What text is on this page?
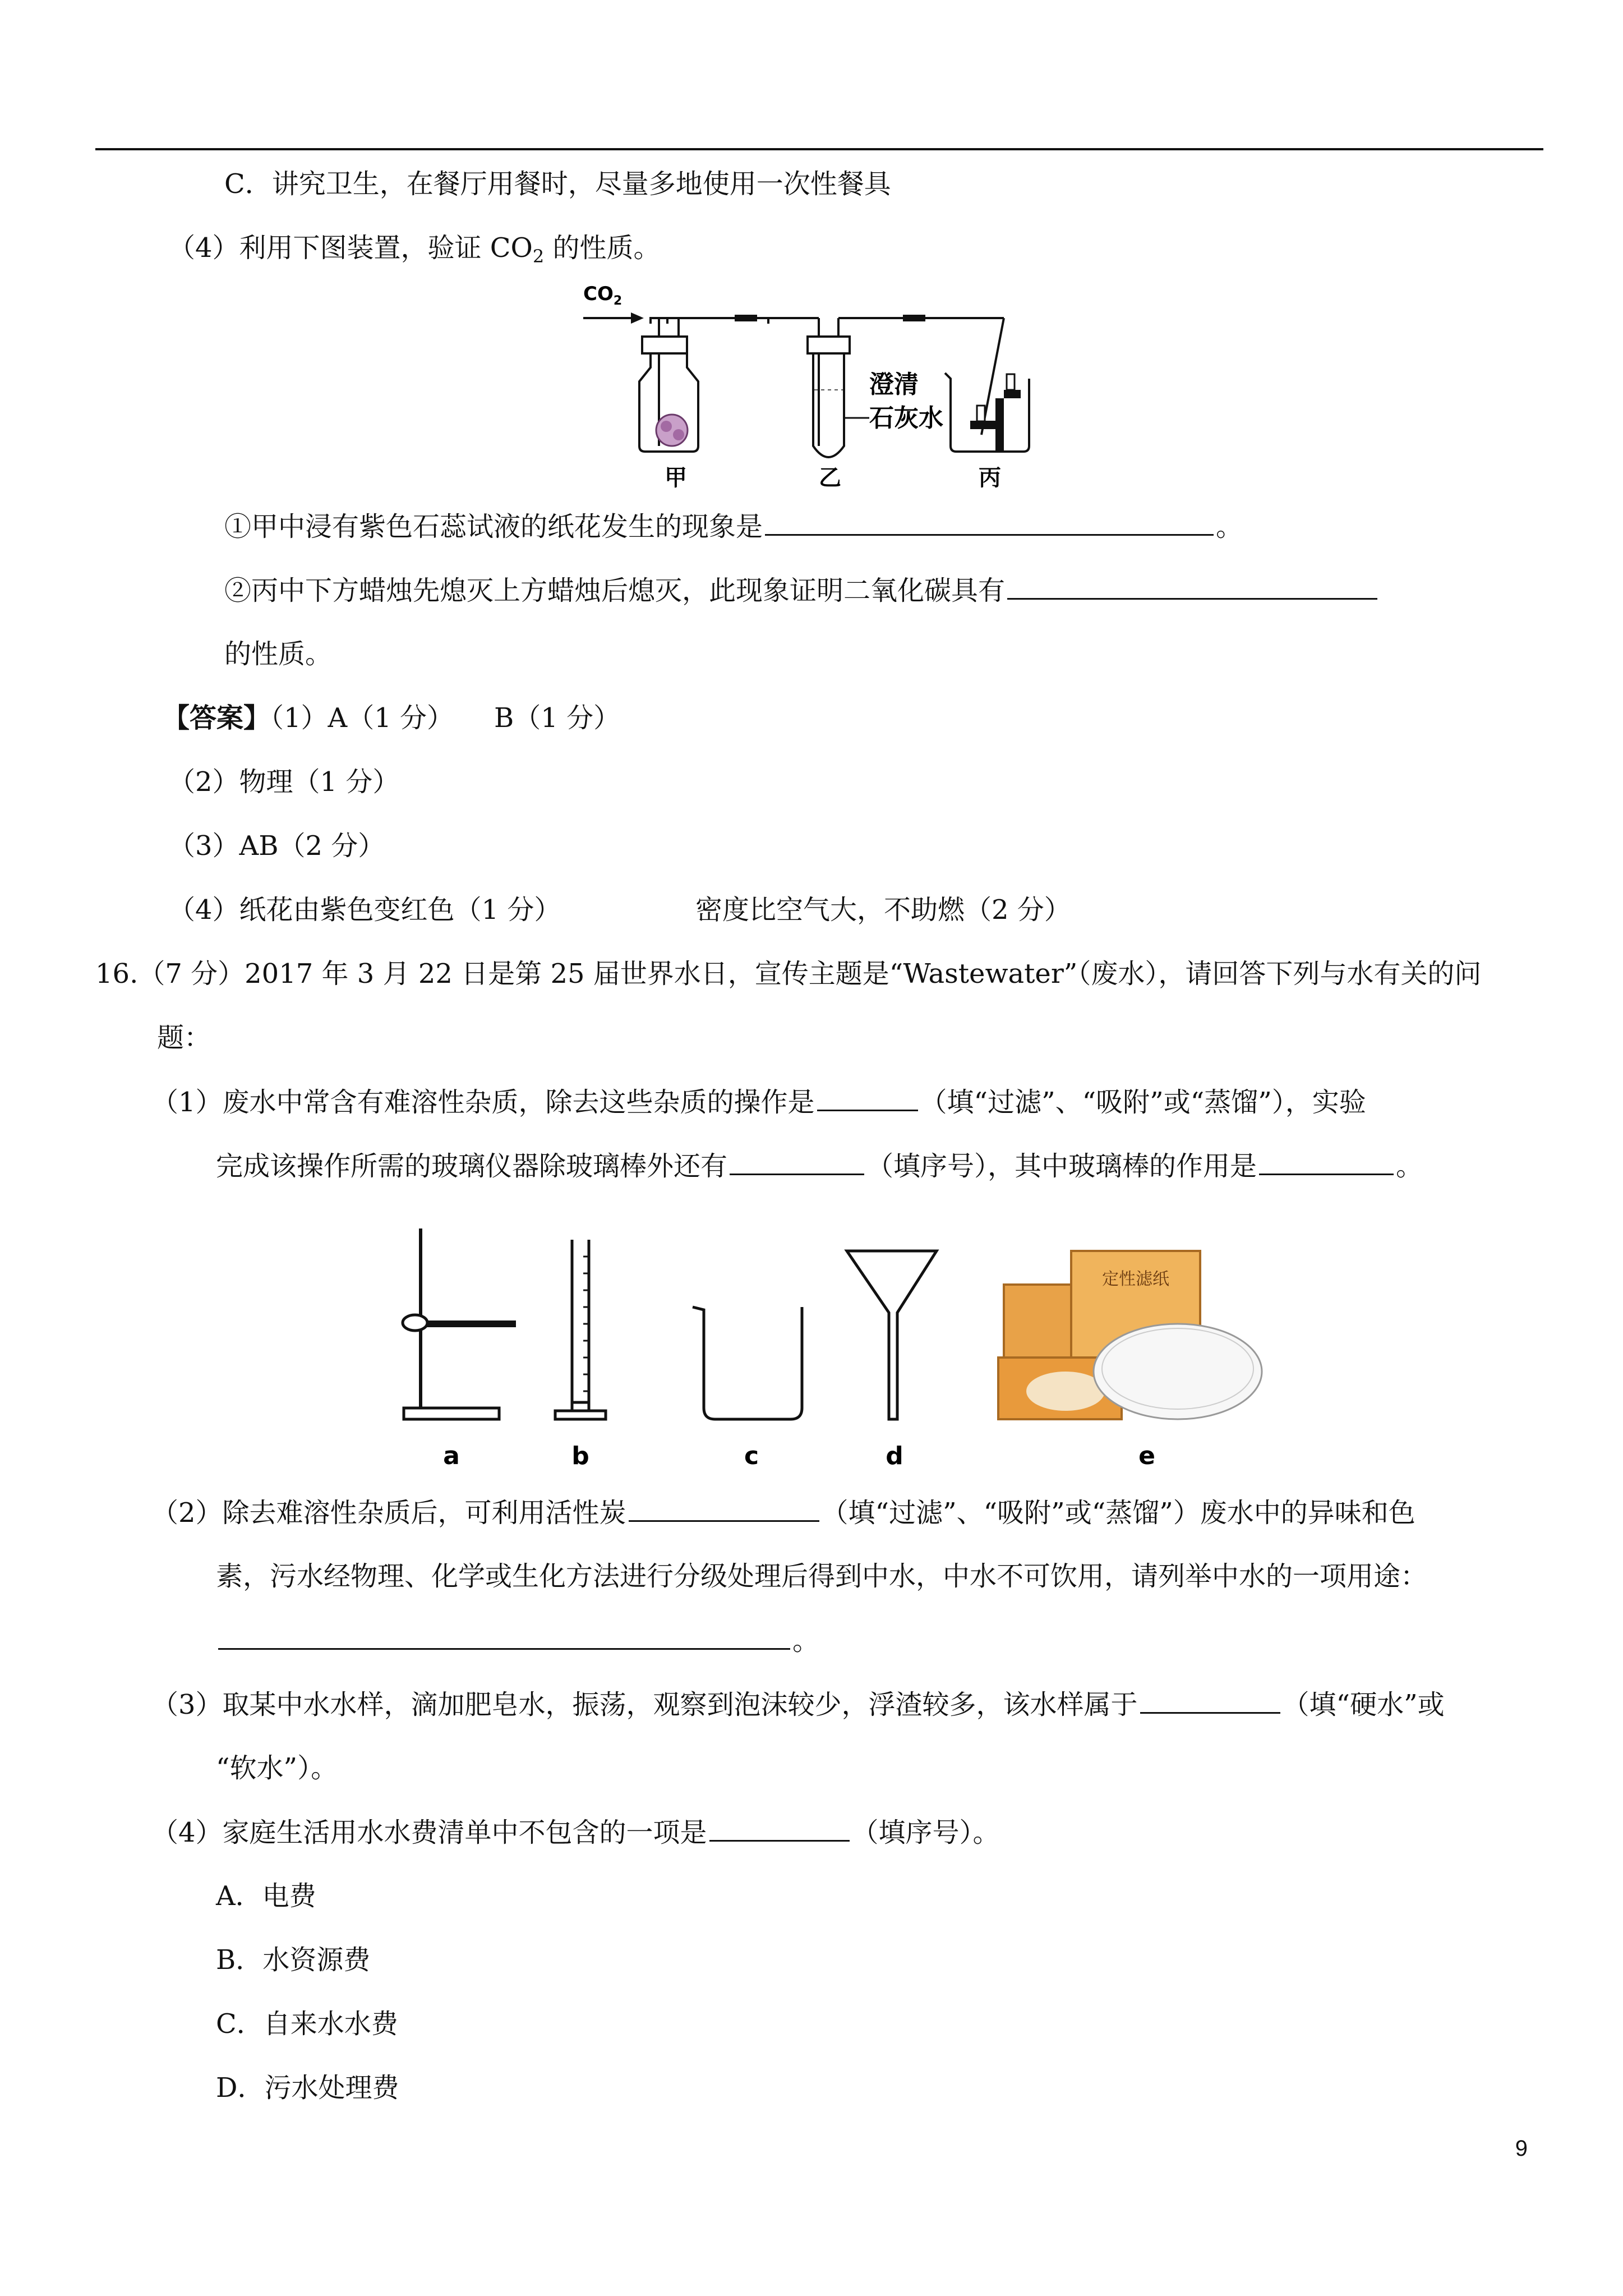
C．讲究卫生，在餐厅用餐时，尽量多地使用一次性餐具
（4）利用下图装置，验证 $CO_2$ 的性质。
$CO_2$
澄清
石灰水
甲	乙	丙
①甲中浸有紫色石蕊试液的纸花发生的现象是	。
②丙中下方蜡烛先熄灭上方蜡烛后熄灭，此现象证明二氧化碳具有
的性质。
【答案】（1）A（1 分）　　B（1 分）
（2）物理（1 分）
（3）AB（2 分）
（4）纸花由紫色变红色（1 分）	密度比空气大，不助燃（2 分）
16.（7 分）2017 年 3 月 22 日是第 25 届世界水日，宣传主题是“Wastewater”（废水），请回答下列与水有关的问
题：
（1）废水中常含有难溶性杂质，除去这些杂质的操作是	（填“过滤”、“吸附”或“蒸馏”），实验
完成该操作所需的玻璃仪器除玻璃棒外还有	（填序号），其中玻璃棒的作用是	。
a	b	c	d
定性滤纸
e
（2）除去难溶性杂质后，可利用活性炭	（填“过滤”、“吸附”或“蒸馏”）废水中的异味和色
素，污水经物理、化学或生化方法进行分级处理后得到中水，中水不可饮用，请列举中水的一项用途：
。
（3）取某中水水样，滴加肥皂水，振荡，观察到泡沫较少，浮渣较多，该水样属于	（填“硬水”或
“软水”）。
（4）家庭生活用水水费清单中不包含的一项是	（填序号）。
A．电费
B．水资源费
C．自来水水费
D．污水处理费
9
